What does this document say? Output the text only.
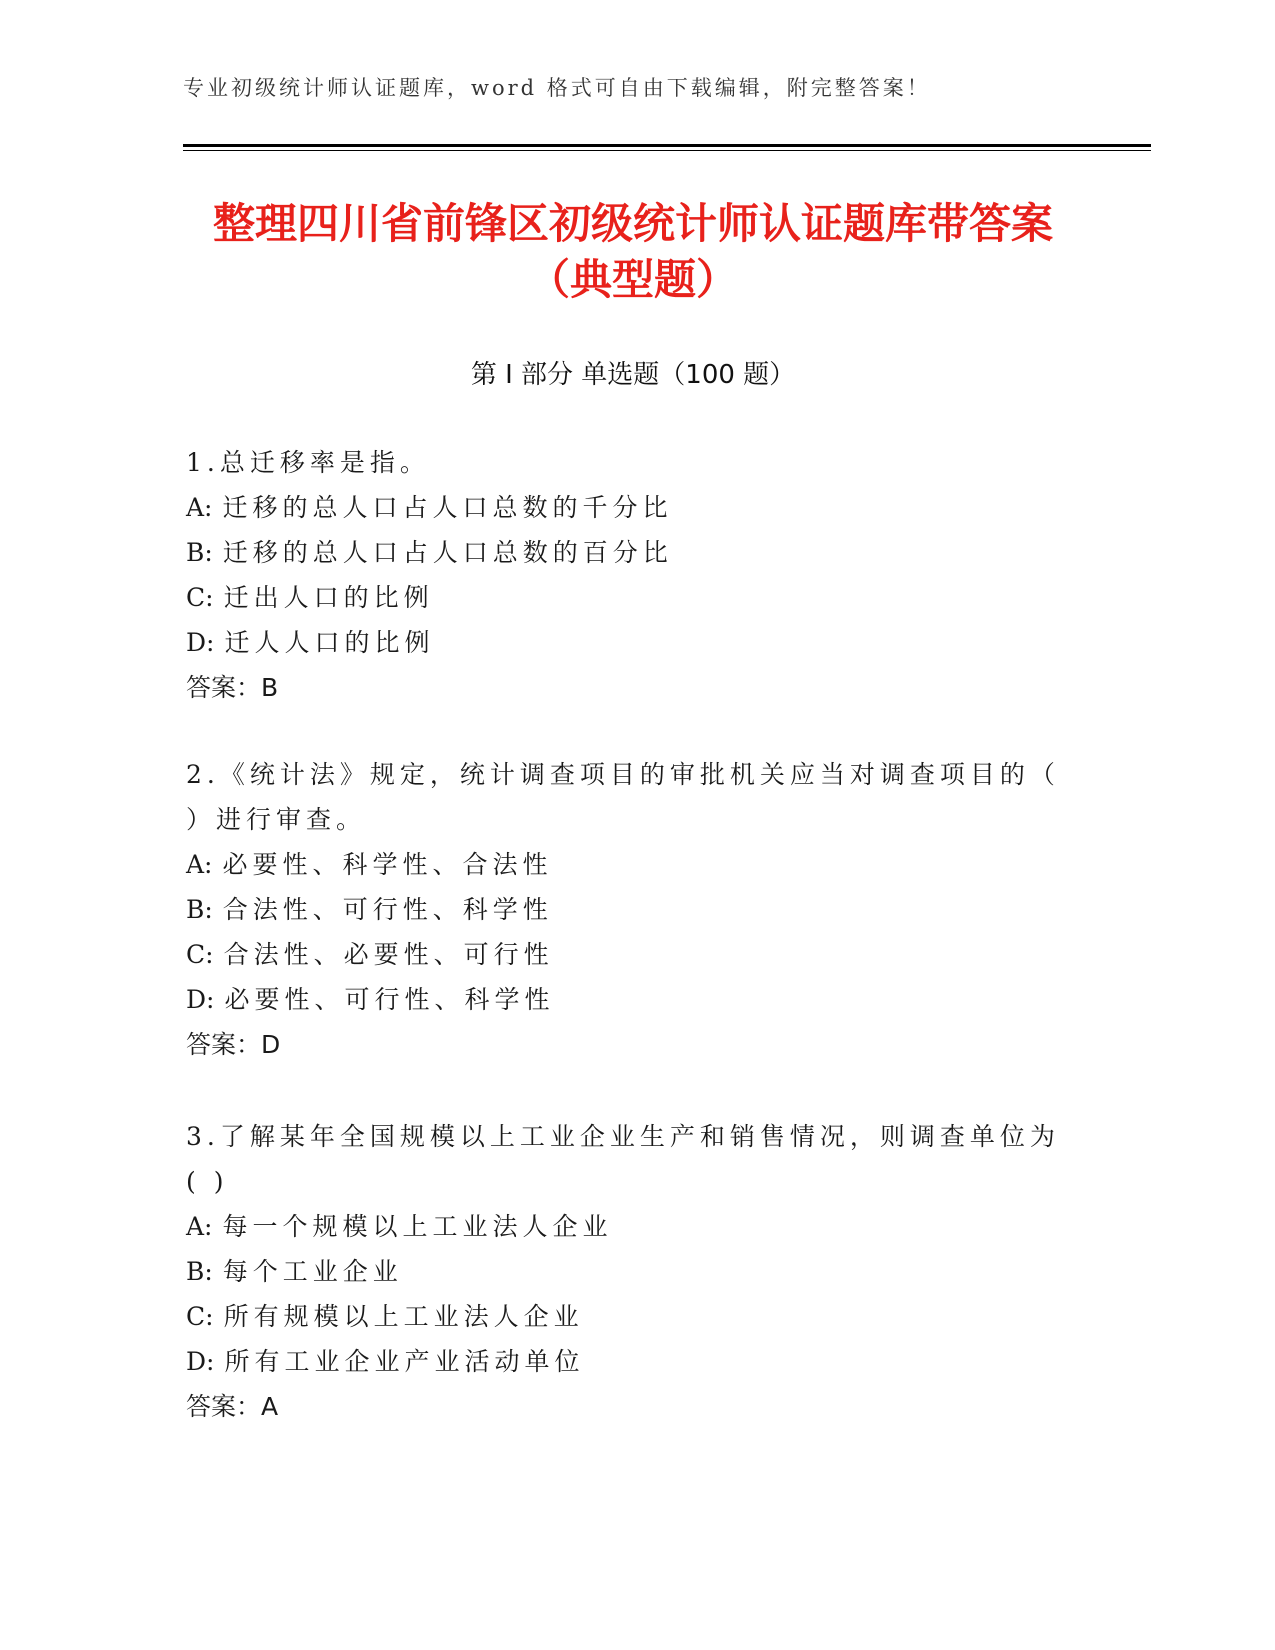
专业初级统计师认证题库，word 格式可自由下载编辑，附完整答案！
整理四川省前锋区初级统计师认证题库带答案（典型题）
第 I 部分 单选题（100 题）

1.总迁移率是指。

A: 迁移的总人口占人口总数的千分比

B: 迁移的总人口占人口总数的百分比

C: 迁出人口的比例

D: 迁人人口的比例

答案：B

2.《统计法》规定，统计调查项目的审批机关应当对调查项目的（ ）进行审查。

A: 必要性、科学性、合法性

B: 合法性、可行性、科学性

C: 合法性、必要性、可行性

D: 必要性、可行性、科学性

答案：D

3.了解某年全国规模以上工业企业生产和销售情况，则调查单位为( )

A: 每一个规模以上工业法人企业

B: 每个工业企业

C: 所有规模以上工业法人企业

D: 所有工业企业产业活动单位

答案：A
